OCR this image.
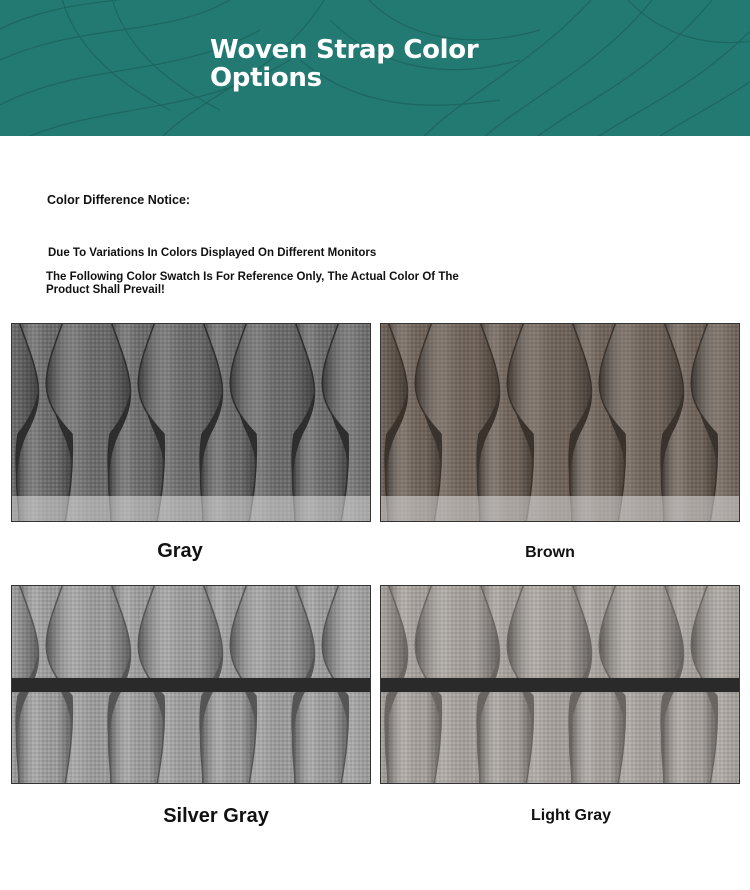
Woven Strap Color Options
Color Difference Notice:
Due To Variations In Colors Displayed On Different Monitors
The Following Color Swatch Is For Reference Only, The Actual Color Of The Product Shall Prevail!
Gray	Brown
Silver Gray	Light Gray
